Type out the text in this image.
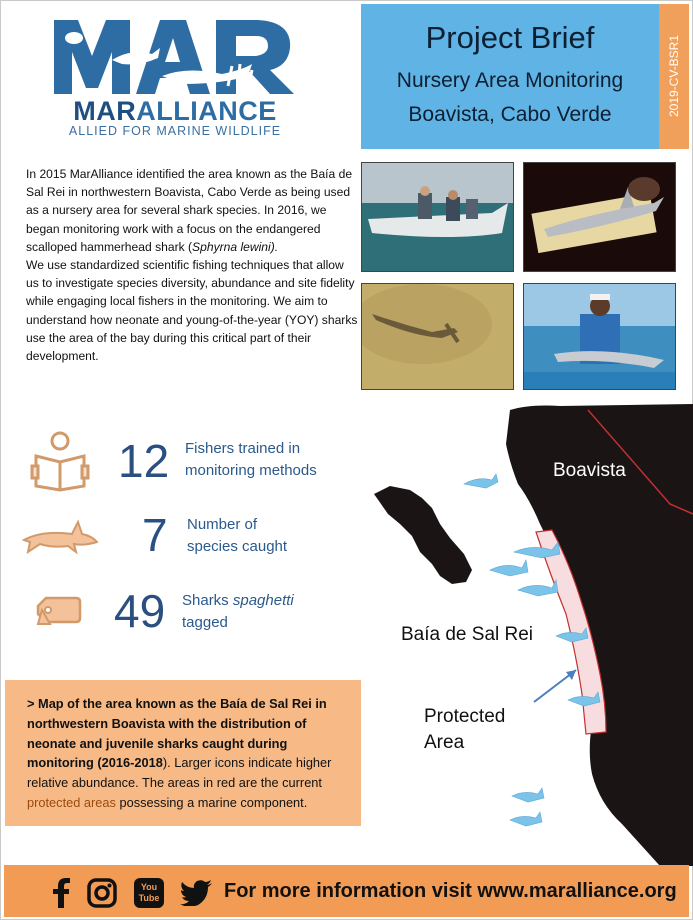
MARALLIANCE
ALLIED FOR MARINE WILDLIFE
Project Brief
Nursery Area Monitoring
Boavista, Cabo Verde	2019-CV-BSR1

In 2015 MarAlliance identified the area known as the Baía de Sal Rei in northwestern Boavista, Cabo Verde as being used as a nursery area for several shark species. In 2016, we began monitoring work with a focus on the endangered scalloped hammerhead shark (Sphyrna lewini).

We use standardized scientific fishing techniques that allow us to investigate species diversity, abundance and site fidelity while engaging local fishers in the monitoring. We aim to understand how neonate and young-of-the-year (YOY) sharks use the area of the bay during this critical part of their development.

12 Fishers trained in
monitoring methods
7 Number of
species caught
49 Sharks spaghetti
tagged
Boavista
Baía de Sal Rei
Protected
Area
> Map of the area known as the Baía de Sal Rei in northwestern Boavista with the distribution of neonate and juvenile sharks caught during monitoring (2016-2018). Larger icons indicate higher relative abundance. The areas in red are the current protected areas possessing a marine component.
You Tube	For more information visit www.maralliance.org
